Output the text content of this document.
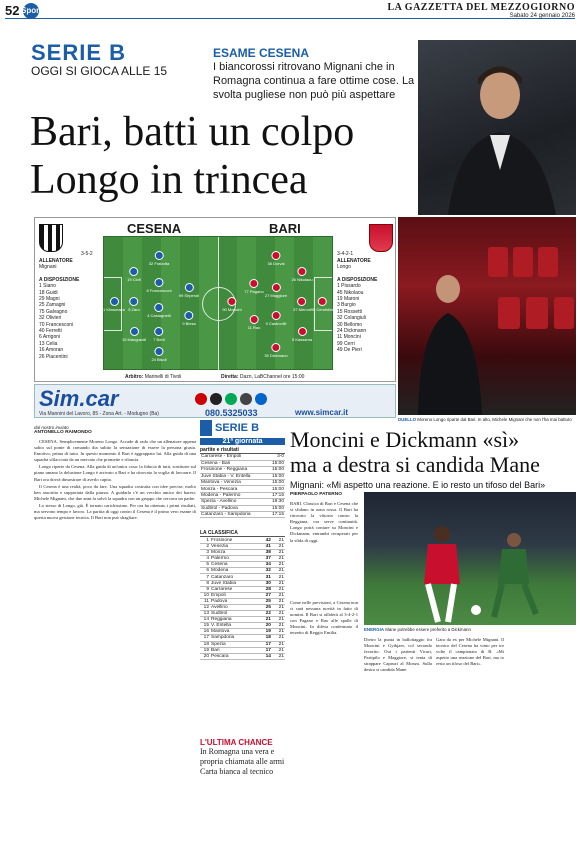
52 Sport	LA GAZZETTA DEL MEZZOGIORNO
Sabato 24 gennaio 2026
SERIE B
OGGI SI GIOCA ALLE 15
ESAME CESENA
I biancorossi ritrovano Mignani che in Romagna continua a fare ottime cose. La svolta pugliese non può più aspettare
Bari, batti un colpo
Longo in trincea
CESENA	BARI
3-5-2	3-4-2-1
ALLENATORE
Mignani
A DISPOSIZIONE
1 Siano
18 Guidi
29 Magni
25 Zamagni
75 Galvagno
32 Olivieri
70 Francesconi
40 Ferretti
6 Arrigoni
13 Celia
16 Amoran
26 Piacentini
ALLENATORE
Longo
A DISPOSIZIONE
1 Pissardo
45 Nikolaou
19 Maroni
3 Burgio
15 Rossetti
32 Colangiuli
30 Bellomo
24 Dickmann
11 Moncini
99 Cerri
49 De Pieri
1 Klinsmann
19 Ciofi
5 Zaro
15 Mangraviti
32 Frabotta
8 Francesconi
4 Castagnetti
7 Berti
24 Bisoli
99 Shpendi
9 Blesa
95 Cerofolini
26 Nikolaou
37 Meroni
5 Kassama
38 Dorval
27 Maggiore
9 Castrovilli
39 Dickmann
77 Pagano
11 Rao
90 Moncini
Arbitro: Marinelli di Tivoli	Diretta: Dazn, LaBChannel ore 15:00
Sim.car
Via Mannini del Lavoro, 85 - Zona Art. - Modugno (Ba)	080.5325033	www.simcar.it
DUELLO Moreno Longo riparte dal Bari. In alto, Michele Mignani che non l'ha mai battuto
dal nostro inviato
ANTONELLO RAIMONDO

CESENA. Semplicemente Moreno Longo. Accade di rado che un allenatore appena salito sul ponte di comando dia subito la sensazione di essere la persona giusta. Emotivo, prima di tutto. In questo momento il Bari è aggrappato lui. Alla guida di una squadra sfilacciata da un mercato che promette e rilancia.

Longo riparte da Cesena. Alla guida di un'unica cosa: la fiducia di tutti, sostituire sul piano umano la delusione Longo è arrivato a Bari e ha ritrovato la voglia di lavorare. Il Bari ora dovrà dimostrare di averlo capito.

Il Cesena è una realtà, poco da fare. Una squadra costruita con idee precise, molto ben assortita e supportata dalla piazza. A guidarla c'è un vecchio amico dei baresi: Michele Mignani, che due anni fa salvò la squadra con un gruppo che cercava un padre.

Lo stesso di Longo, già. È tornato carichissimo. Per ora ha ottenuto i primi risultati, ma servono tempo e lavoro. La partita di oggi contro il Cesena è il primo vero esame di questa nuova gestione tecnica. Il Bari non può sbagliare.

SERIE B
21ª giornata
partite e risultati
Carrarese - Empoli	3-0
Cesena - Bari	15:00
Frosinone - Reggiana	15:00
Juve Stabia - V. Entella	15:00
Mantova - Venezia	15:00
Monza - Pescara	15:00
Modena - Palermo	17:15
Spezia - Avellino	19:30
Sudtirol - Padova	15:00
Catanzaro - Sampdoria	17:15
LA CLASSIFICA
1	Frosinone	42	21
2	Venezia	41	21
3	Monza	38	21
4	Palermo	37	21
5	Cesena	34	21
6	Modena	32	21
7	Catanzaro	31	21
8	Juve Stabia	30	21
9	Carrarese	28	21
10	Empoli	27	21
11	Padova	25	21
12	Avellino	25	21
13	Sudtirol	22	21
14	Reggiana	21	21
15	V. Entella	20	21
16	Mantova	19	21
17	Sampdoria	18	21
18	Spezia	17	21
19	Bari	17	21
20	Pescara	14	21
L'ULTIMA CHANCE
In Romagna una vera e propria chiamata alle armi Carta bianca al tecnico
Moncini e Dickmann «sì»
ma a destra si candida Mane
Mignani: «Mi aspetto una reazione. E io resto un tifoso del Bari»
PIERPAOLO PATERNO
BARI. Classica di Bari e Cesena che si sfidano in zona rossa. Il Bari ha ritrovato la vittoria contro la Reggiana, ora serve continuità. Longo potrà contare su Moncini e Dickmann, entrambi recuperati per la sfida di oggi.
Come nelle previsioni, a Cesena non ci sarà nessuna novità in fatto di uomini. Il Bari si affiderà al 3-4-2-1 con Pagano e Rao alle spalle di Moncini. In difesa confermato il terzetto di Reggio Emilia.
ENERGIA Mane potrebbe essere preferito a Dickmann
Dietro la punta in ballottaggio fra Moncini e Gytkjaer, col secondo favorito. Out i partenti Vicari, Partipilo e Maggiore, si tenta di strappare Capruzi al Monza. Sulla destra si candida Mane.
Gara da ex per Michele Mignani. Il tecnico del Cesena ha vinto per tre volte il campionato di B. «Mi aspetto una reazione del Bari, ma io resto un tifoso del Bari».
